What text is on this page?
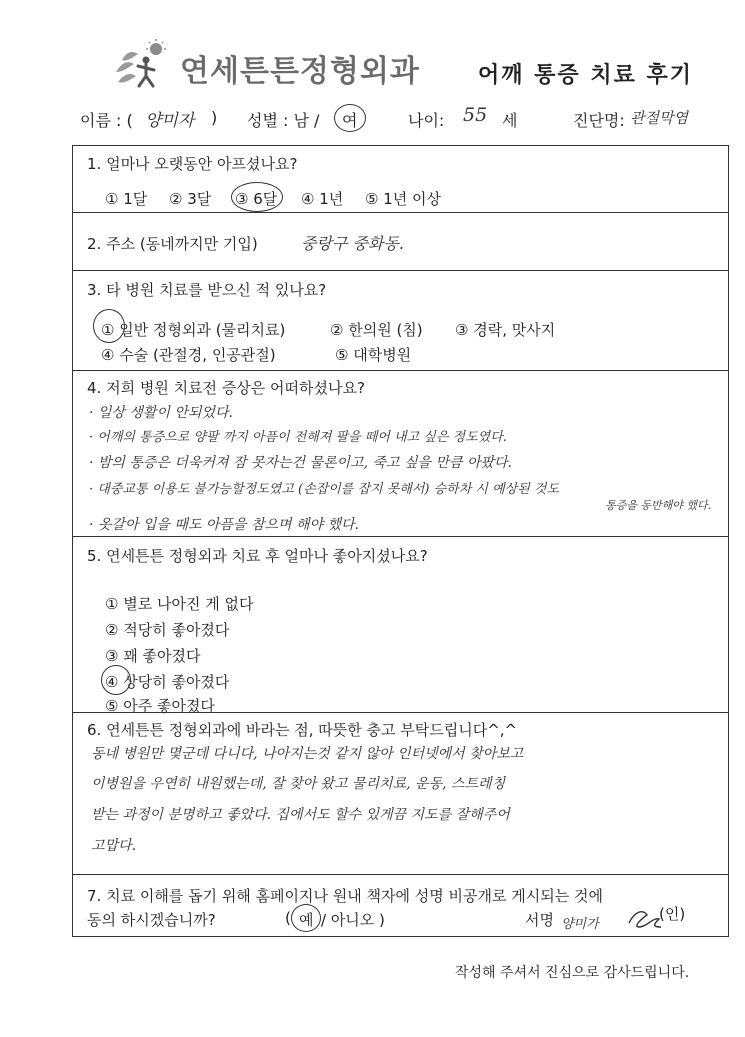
연세튼튼정형외과	어깨 통증 치료 후기
이름 : ( 양미자 ) 성별 : 남 / 여	나이: 55 세	진단명: 관절막염
1. 얼마나 오랫동안 아프셨나요?
① 1달 ② 3달 ③ 6달 ④ 1년 ⑤ 1년 이상
2. 주소 (동네까지만 기입)	중랑구 중화동.
3. 타 병원 치료를 받으신 적 있나요?
① 일반 정형외과 (물리치료)	② 한의원 (침) ③ 경락, 맛사지
④ 수술 (관절경, 인공관절)	⑤ 대학병원
4. 저희 병원 치료전 증상은 어떠하셨나요?
· 일상 생활이 안되었다.
· 어깨의 통증으로 양팔 까지 아픔이 전해져 팔을 떼어 내고 싶은 정도였다.
· 밤의 통증은 더욱커져 잠 못자는건 물론이고, 죽고 싶을 만큼 아팠다.
· 대중교통 이용도 불가능할정도였고 (손잡이를 잡지 못해서) 승하차 시 예상된 것도
통증을 동반해야 했다.
· 옷갈아 입을 때도 아픔을 참으며 해야 했다.
5. 연세튼튼 정형외과 치료 후 얼마나 좋아지셨나요?
① 별로 나아진 게 없다
② 적당히 좋아졌다
③ 꽤 좋아졌다
④ 상당히 좋아졌다
⑤ 아주 좋아졌다
6. 연세튼튼 정형외과에 바라는 점, 따뜻한 충고 부탁드립니다^,^
동네 병원만 몇군데 다니다, 나아지는것 같지 않아 인터넷에서 찾아보고
이병원을 우연히 내원했는데, 잘 찾아 왔고 물리치료, 운동, 스트레칭
받는 과정이 분명하고 좋았다. 집에서도 할수 있게끔 지도를 잘해주어
고맙다.
7. 치료 이해를 돕기 위해 홈페이지나 원내 책자에 성명 비공개로 게시되는 것에
동의 하시겠습니까?	( 예 / 아니오 )	서명 양미가
(인)
작성해 주셔서 진심으로 감사드립니다.
